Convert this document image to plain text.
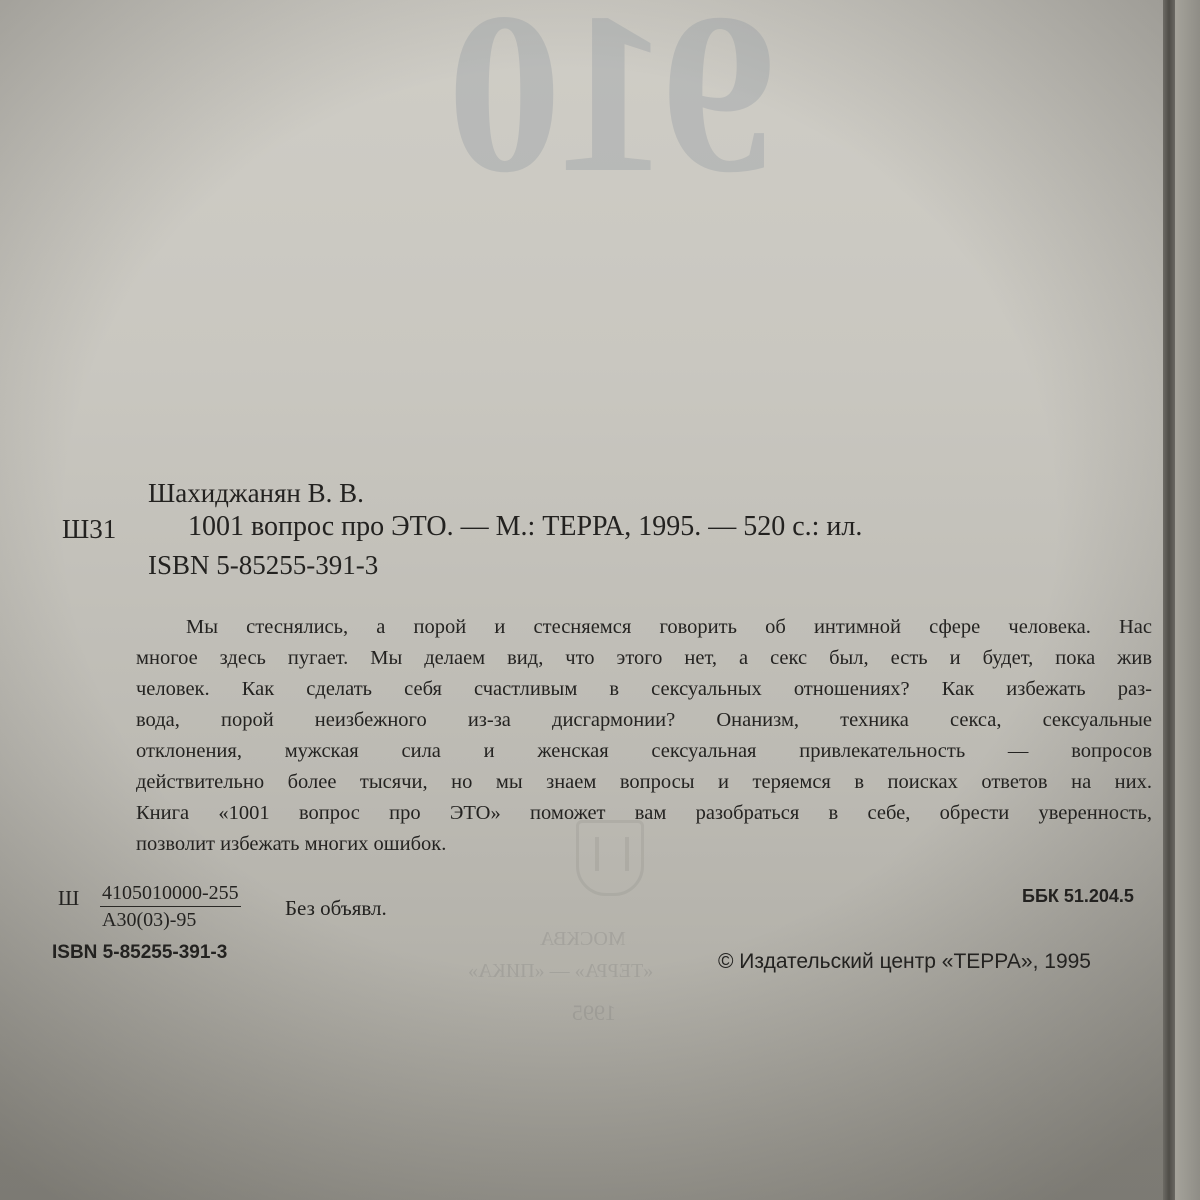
910
МОСКВА
«ТЕРРА» — «ПИКА»
1995
Шахиджанян В. В.
Ш31	1001 вопрос про ЭТО. — М.: ТЕРРА, 1995. — 520 с.: ил.
ISBN 5-85255-391-3
Мы стеснялись, а порой и стесняемся говорить об интимной сфере человека. Нас
многое здесь пугает. Мы делаем вид, что этого нет, а секс был, есть и будет, пока жив
человек. Как сделать себя счастливым в сексуальных отношениях? Как избежать раз-
вода, порой неизбежного из-за дисгармонии? Онанизм, техника секса, сексуальные
отклонения, мужская сила и женская сексуальная привлекательность — вопросов
действительно более тысячи, но мы знаем вопросы и теряемся в поисках ответов на них.
Книга «1001 вопрос про ЭТО» поможет вам разобраться в себе, обрести уверенность,
позволит избежать многих ошибок.
Ш 4105010000-255
А30(03)-95	Без объявл.	ББК 51.204.5
ISBN 5-85255-391-3	© Издательский центр «ТЕРРА», 1995
